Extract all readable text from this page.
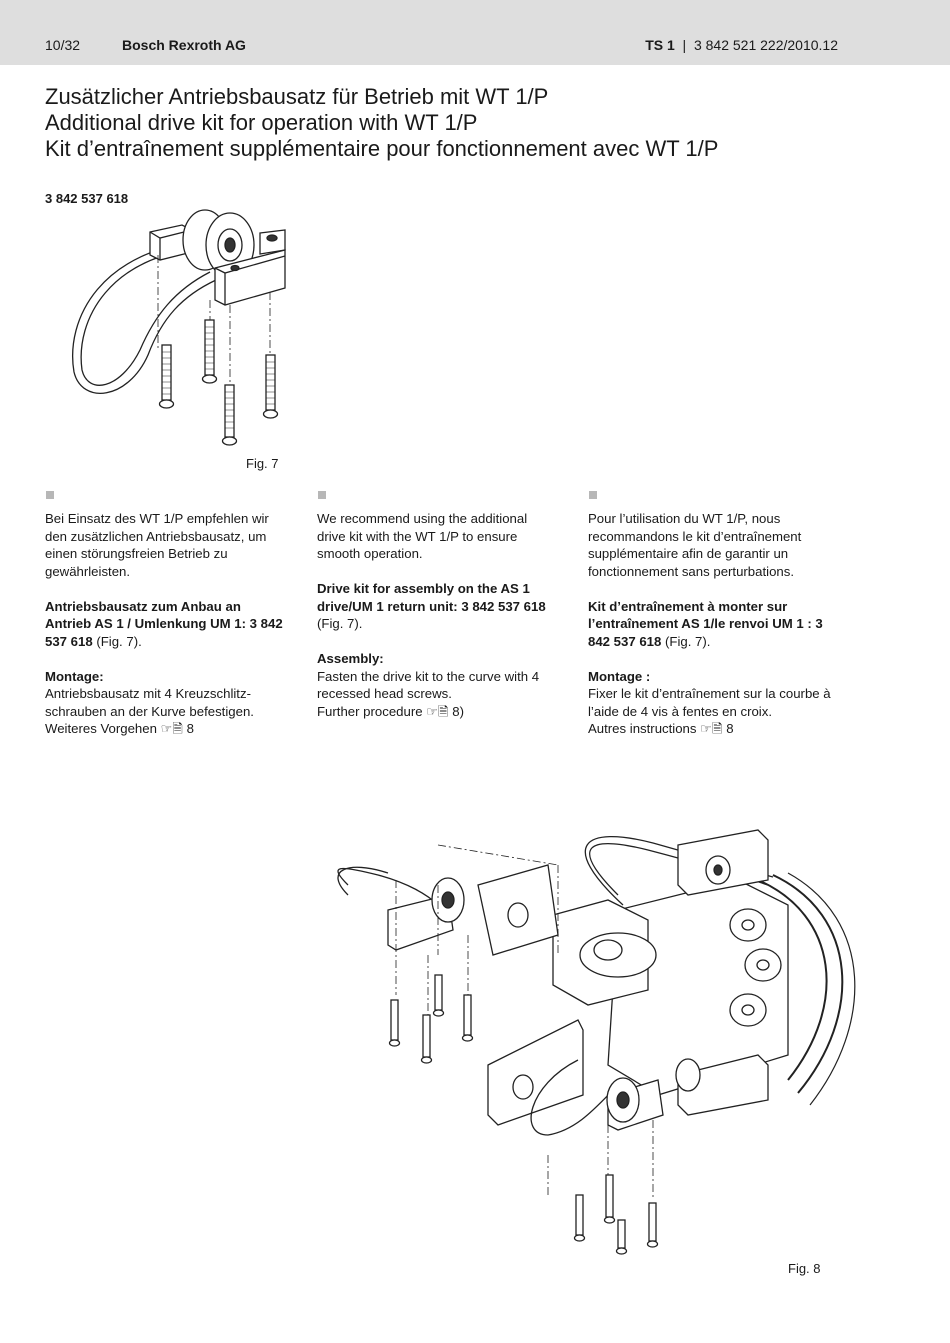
10/32	Bosch Rexroth AG	TS 1 | 3 842 521 222/2010.12
Zusätzlicher Antriebsbausatz für Betrieb mit WT 1/P
Additional drive kit for operation with WT 1/P
Kit d’entraînement supplémentaire pour fonctionnement avec WT 1/P
3 842 537 618
Fig. 7

Bei Einsatz des WT 1/P empfehlen wir den zusätzlichen Antriebsbausatz, um einen störungsfreien Betrieb zu gewährleisten.

Antriebsbausatz zum Anbau an Antrieb AS 1 / Umlenkung UM 1: 3 842 537 618 (Fig. 7).

Montage:
Antriebsbausatz mit 4 Kreuzschlitzschrauben an der Kurve befestigen.
Weiteres Vorgehen ☞🗎 8

We recommend using the additional drive kit with the WT 1/P to ensure smooth operation.

Drive kit for assembly on the AS 1 drive/UM 1 return unit: 3 842 537 618 (Fig. 7).

Assembly:
Fasten the drive kit to the curve with 4 recessed head screws.
Further procedure ☞🗎 8)

Pour l’utilisation du WT 1/P, nous recommandons le kit d’entraînement supplémentaire afin de garantir un fonctionnement sans perturbations.

Kit d’entraînement à monter sur l’entraînement AS 1/le renvoi UM 1 : 3 842 537 618 (Fig. 7).

Montage :
Fixer le kit d’entraînement sur la courbe à l’aide de 4 vis à fentes en croix.
Autres instructions ☞🗎 8
Fig. 8
